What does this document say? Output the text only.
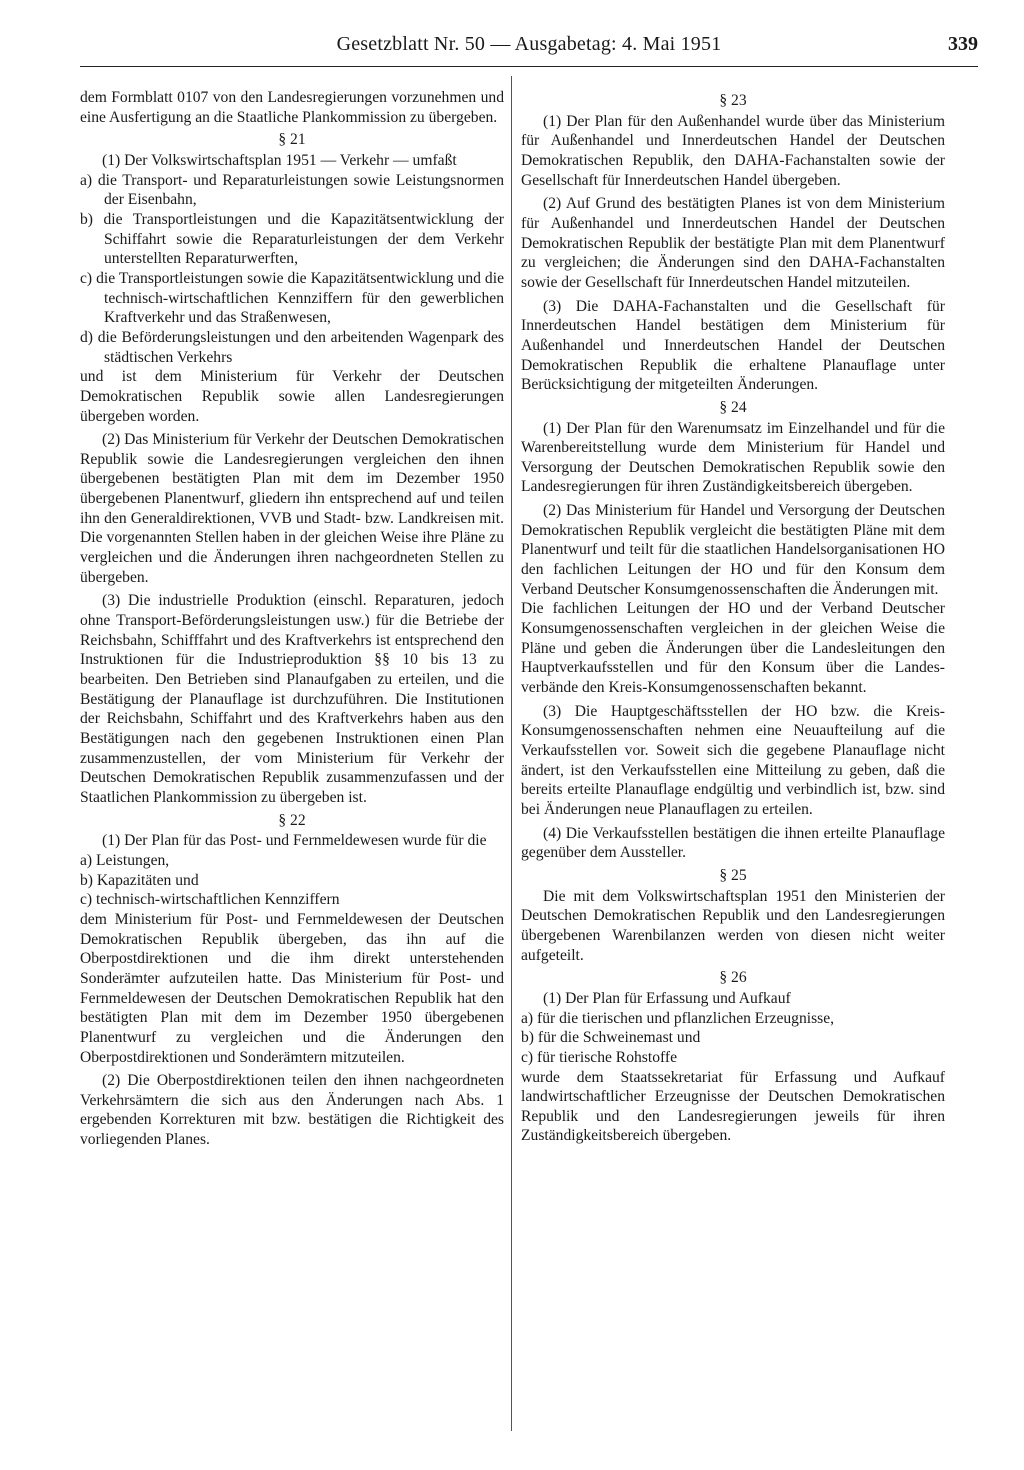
Gesetzblatt Nr. 50 — Ausgabetag: 4. Mai 1951	339

dem Formblatt 0107 von den Landesregierungen vorzunehmen und eine Ausfertigung an die Staatliche Plankommission zu übergeben.

§ 21

(1) Der Volkswirtschaftsplan 1951 — Verkehr — umfaßt

a) die Transport- und Reparaturleistungen sowie Leistungsnormen der Eisenbahn,

b) die Transportleistungen und die Kapazitätsentwicklung der Schiffahrt sowie die Reparaturleistungen der dem Verkehr unterstellten Reparaturwerften,

c) die Transportleistungen sowie die Kapazitätsentwicklung und die technisch-wirtschaftlichen Kennziffern für den gewerblichen Kraftverkehr und das Straßenwesen,

d) die Beförderungsleistungen und den arbeitenden Wagenpark des städtischen Verkehrs

und ist dem Ministerium für Verkehr der Deutschen Demokratischen Republik sowie allen Landesregierungen übergeben worden.

(2) Das Ministerium für Verkehr der Deutschen Demokratischen Republik sowie die Landesregierungen vergleichen den ihnen übergebenen bestätigten Plan mit dem im Dezember 1950 übergebenen Planentwurf, gliedern ihn entsprechend auf und teilen ihn den Generaldirektionen, VVB und Stadt- bzw. Landkreisen mit. Die vorgenannten Stellen haben in der gleichen Weise ihre Pläne zu vergleichen und die Änderungen ihren nachgeordneten Stellen zu übergeben.

(3) Die industrielle Produktion (einschl. Reparaturen, jedoch ohne Transport-Beförderungsleistungen usw.) für die Betriebe der Reichsbahn, Schifffahrt und des Kraftverkehrs ist entsprechend den Instruktionen für die Industrieproduktion §§ 10 bis 13 zu bearbeiten. Den Betrieben sind Planaufgaben zu erteilen, und die Bestätigung der Planauflage ist durchzuführen. Die Institutionen der Reichsbahn, Schiffahrt und des Kraftverkehrs haben aus den Bestätigungen nach den gegebenen Instruktionen einen Plan zusammenzustellen, der vom Ministerium für Verkehr der Deutschen Demokratischen Republik zusammenzufassen und der Staatlichen Plankommission zu übergeben ist.

§ 22

(1) Der Plan für das Post- und Fernmeldewesen wurde für die

a) Leistungen,

b) Kapazitäten und

c) technisch-wirtschaftlichen Kennziffern

dem Ministerium für Post- und Fernmeldewesen der Deutschen Demokratischen Republik übergeben, das ihn auf die Oberpostdirektionen und die ihm direkt unterstehenden Sonderämter aufzuteilen hatte. Das Ministerium für Post- und Fernmeldewesen der Deutschen Demokratischen Republik hat den bestätigten Plan mit dem im Dezember 1950 übergebenen Planentwurf zu vergleichen und die Änderungen den Oberpostdirektionen und Sonderämtern mitzuteilen.

(2) Die Oberpostdirektionen teilen den ihnen nachgeordneten Verkehrsämtern die sich aus den Änderungen nach Abs. 1 ergebenden Korrekturen mit bzw. bestätigen die Richtigkeit des vorliegenden Planes.

§ 23

(1) Der Plan für den Außenhandel wurde über das Ministerium für Außenhandel und Innerdeutschen Handel der Deutschen Demokratischen Republik, den DAHA-Fachanstalten sowie der Gesellschaft für Innerdeutschen Handel übergeben.

(2) Auf Grund des bestätigten Planes ist von dem Ministerium für Außenhandel und Innerdeutschen Handel der Deutschen Demokratischen Republik der bestätigte Plan mit dem Planentwurf zu vergleichen; die Änderungen sind den DAHA-Fachanstalten sowie der Gesellschaft für Innerdeutschen Handel mitzuteilen.

(3) Die DAHA-Fachanstalten und die Gesellschaft für Innerdeutschen Handel bestätigen dem Ministerium für Außenhandel und Innerdeutschen Handel der Deutschen Demokratischen Republik die erhaltene Planauflage unter Berücksichtigung der mitgeteilten Änderungen.

§ 24

(1) Der Plan für den Warenumsatz im Einzelhandel und für die Warenbereitstellung wurde dem Ministerium für Handel und Versorgung der Deutschen Demokratischen Republik sowie den Landesregierungen für ihren Zuständigkeitsbereich übergeben.

(2) Das Ministerium für Handel und Versorgung der Deutschen Demokratischen Republik vergleicht die bestätigten Pläne mit dem Planentwurf und teilt für die staatlichen Handelsorganisationen HO den fachlichen Leitungen der HO und für den Konsum dem Verband Deutscher Konsumgenossenschaften die Änderungen mit.

Die fachlichen Leitungen der HO und der Verband Deutscher Konsumgenossenschaften vergleichen in der gleichen Weise die Pläne und geben die Änderungen über die Landesleitungen den Hauptverkaufsstellen und für den Konsum über die Landesverbände den Kreis-Konsumgenossenschaften bekannt.

(3) Die Hauptgeschäftsstellen der HO bzw. die Kreis-Konsumgenossenschaften nehmen eine Neuaufteilung auf die Verkaufsstellen vor. Soweit sich die gegebene Planauflage nicht ändert, ist den Verkaufsstellen eine Mitteilung zu geben, daß die bereits erteilte Planauflage endgültig und verbindlich ist, bzw. sind bei Änderungen neue Planauflagen zu erteilen.

(4) Die Verkaufsstellen bestätigen die ihnen erteilte Planauflage gegenüber dem Aussteller.

§ 25

Die mit dem Volkswirtschaftsplan 1951 den Ministerien der Deutschen Demokratischen Republik und den Landesregierungen übergebenen Warenbilanzen werden von diesen nicht weiter aufgeteilt.

§ 26

(1) Der Plan für Erfassung und Aufkauf

a) für die tierischen und pflanzlichen Erzeugnisse,

b) für die Schweinemast und

c) für tierische Rohstoffe

wurde dem Staatssekretariat für Erfassung und Aufkauf landwirtschaftlicher Erzeugnisse der Deutschen Demokratischen Republik und den Landesregierungen jeweils für ihren Zuständigkeitsbereich übergeben.
